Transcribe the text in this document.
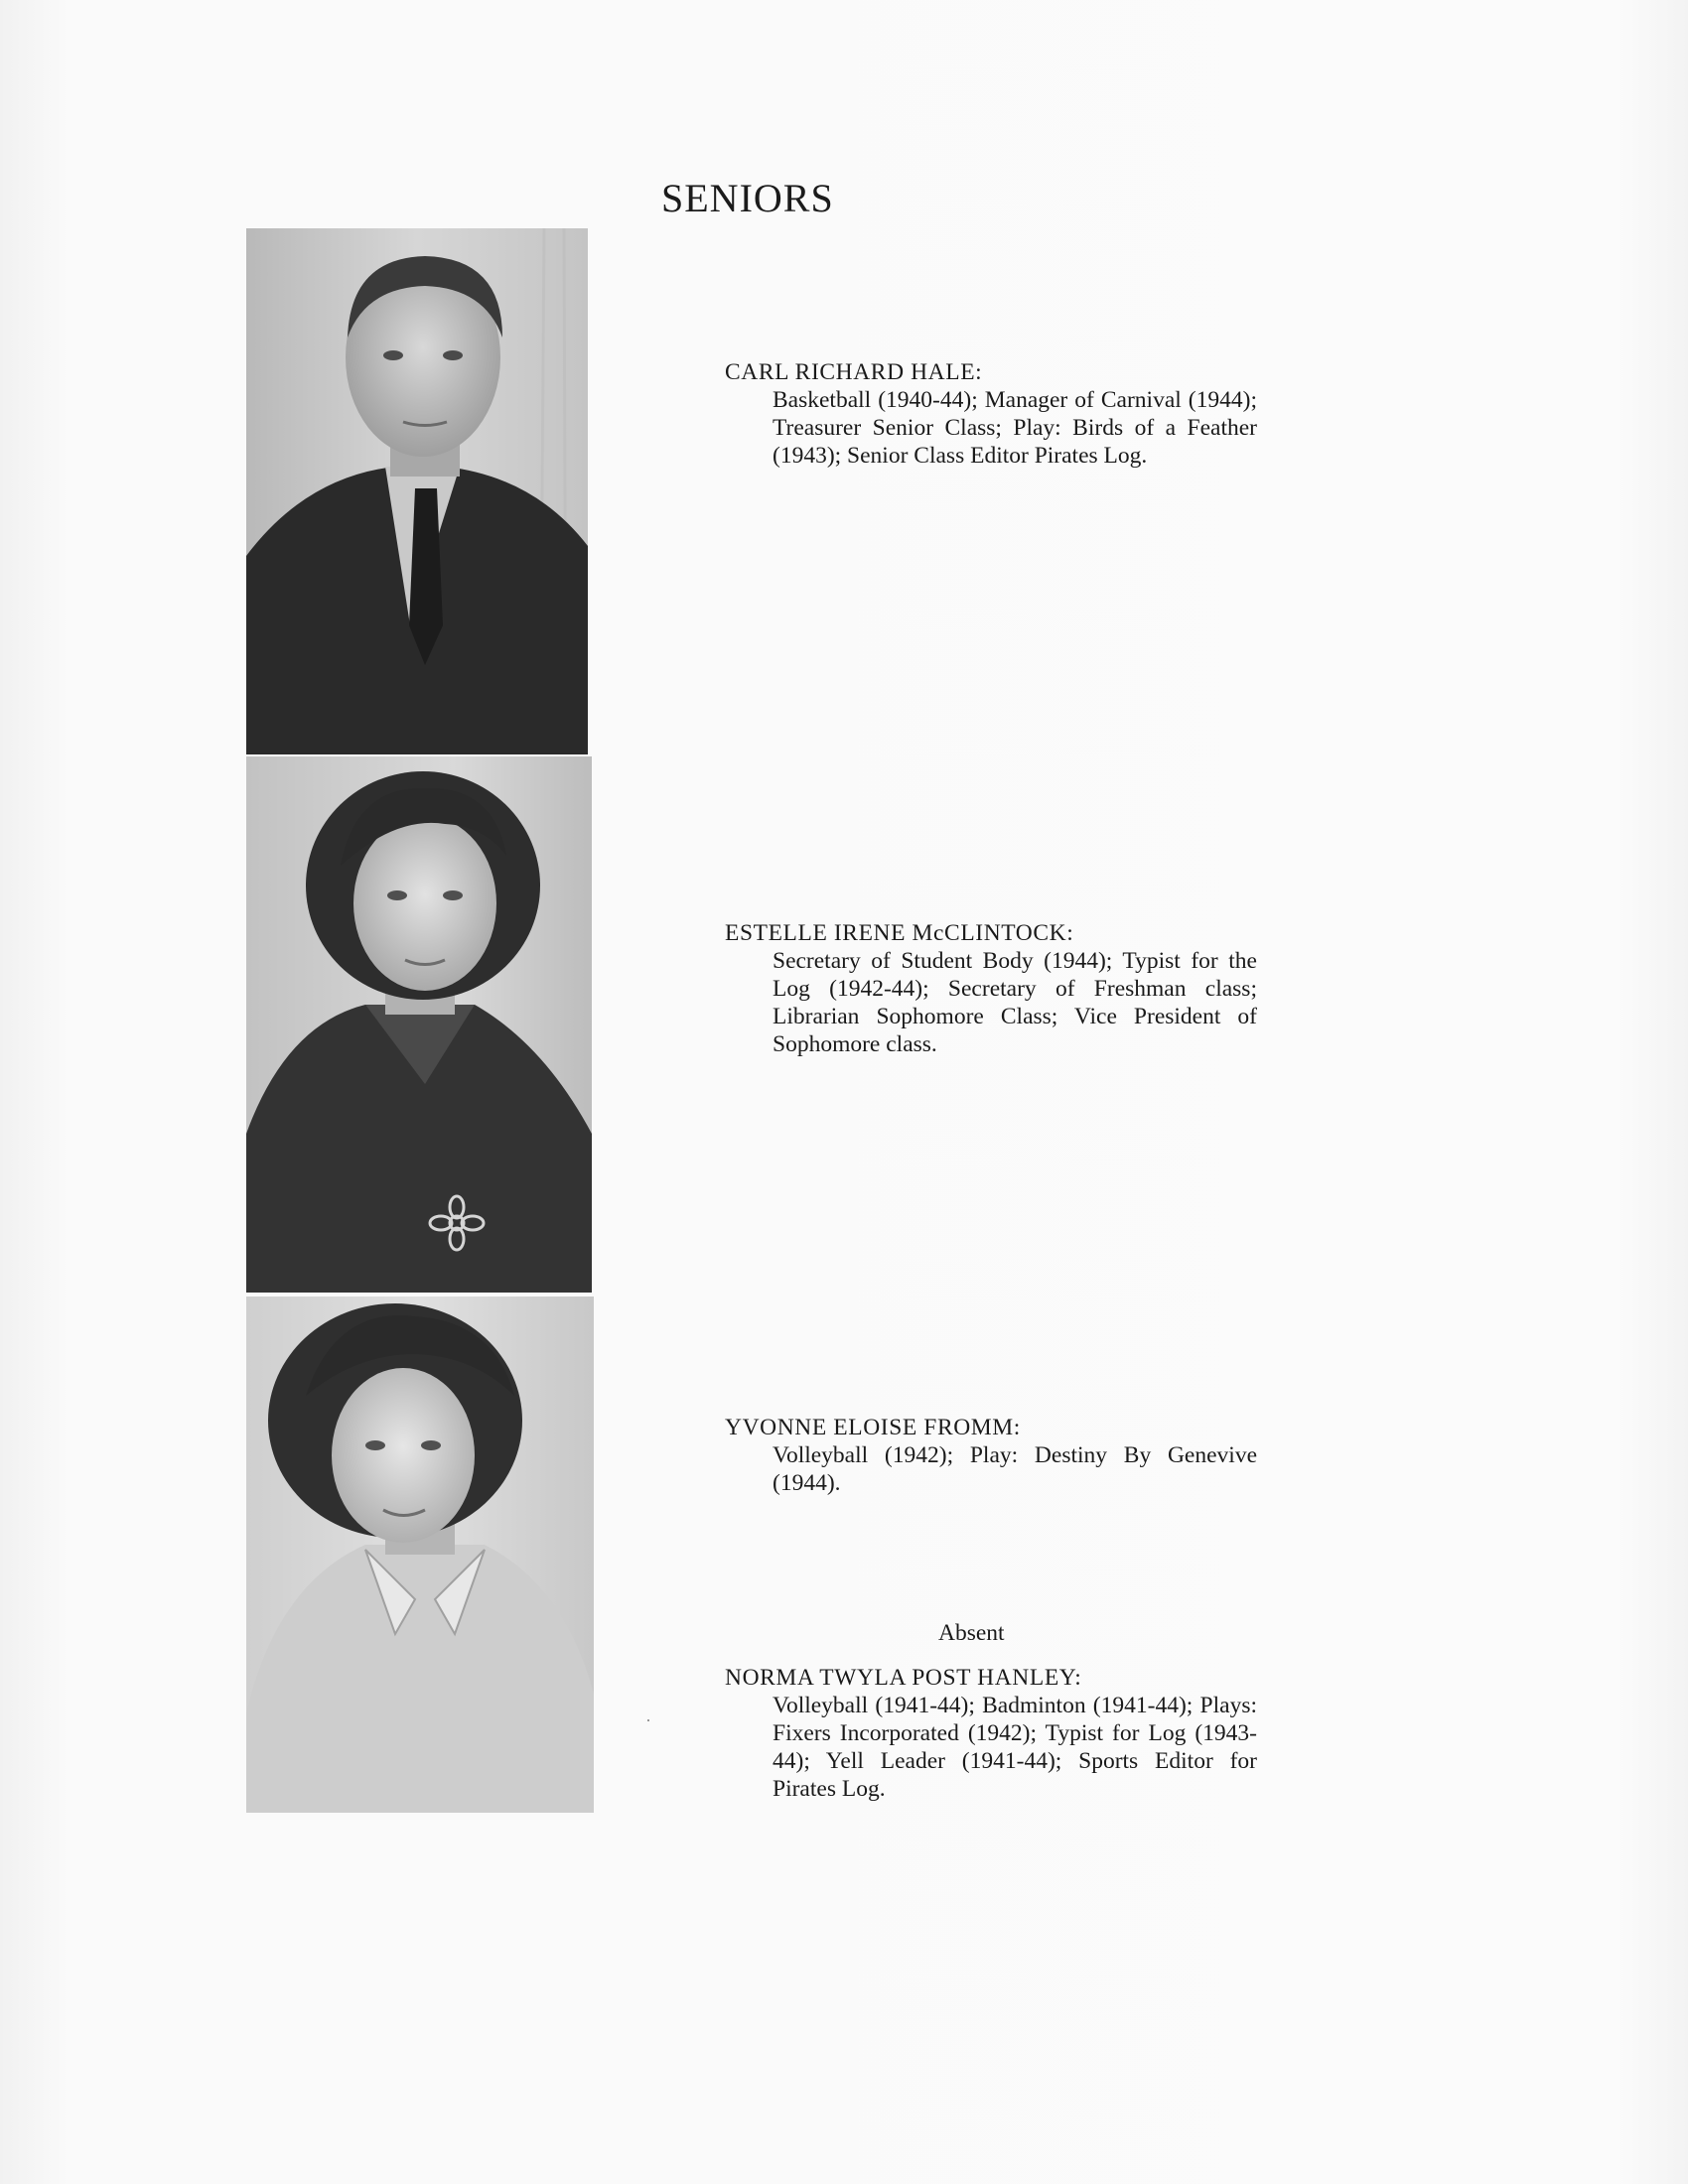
SENIORS
CARL RICHARD HALE:
Basketball (1940-44); Manager of Carnival (1944); Treasurer Senior Class; Play: Birds of a Feather (1943); Senior Class Editor Pirates Log.
ESTELLE IRENE McCLINTOCK:
Secretary of Student Body (1944); Typist for the Log (1942-44); Secretary of Freshman class; Librarian Sophomore Class; Vice President of Sophomore class.
YVONNE ELOISE FROMM:
Volleyball (1942); Play: Destiny By Genevive (1944).
Absent
NORMA TWYLA POST HANLEY:
Volleyball (1941-44); Badminton (1941-44); Plays: Fixers Incorporated (1942); Typist for Log (1943-44); Yell Leader (1941-44); Sports Editor for Pirates Log.
